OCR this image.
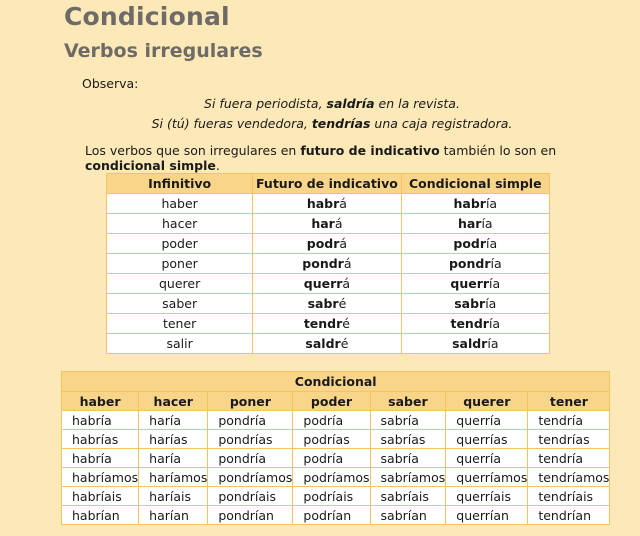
Condicional
Verbos irregulares
Observa:
Si fuera periodista, saldría en la revista.
Si (tú) fueras vendedora, tendrías una caja registradora.
Los verbos que son irregulares en futuro de indicativo también lo son en condicional simple.
Infinitivo	Futuro de indicativo	Condicional simple
haber	habrá	habría
hacer	hará	haría
poder	podrá	podría
poner	pondrá	pondría
querer	querrá	querría
saber	sabré	sabría
tener	tendré	tendría
salir	saldré	saldría
Condicional						
haber	hacer	poner	poder	saber	querer	tener
habría	haría	pondría	podría	sabría	querría	tendría
habrías	harías	pondrías	podrías	sabrías	querrías	tendrías
habría	haría	pondría	podría	sabría	querría	tendría
habríamos	haríamos	pondríamos	podríamos	sabríamos	querríamos	tendríamos
habríais	haríais	pondríais	podríais	sabríais	querríais	tendríais
habrían	harían	pondrían	podrían	sabrían	querrían	tendrían
